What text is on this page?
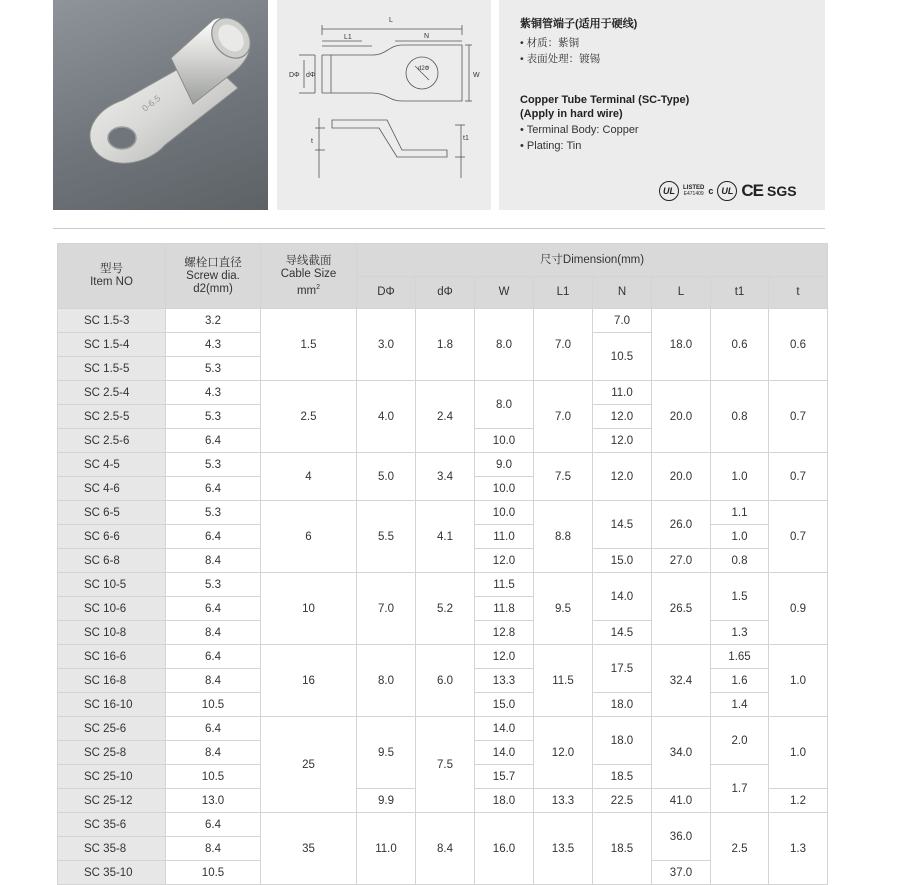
0-6.5
L
L1	N
DΦ dΦ
d2Φ
W
t1
t
紫铜管端子(适用于硬线)
• 材质：紫铜
• 表面处理：镀锡
Copper Tube Terminal (SC-Type)
(Apply in hard wire)
• Terminal Body: Copper
• Plating: Tin
UL	LISTED
E471409 c UL CE SGS
型号
Item NO	螺栓口直径
Screw dia.
d2(mm)	导线截面
Cable Size
$mm^2$	尺寸Dimension(mm)							
			DΦ	dΦ	W	L1	N	L	t1	t
SC 1.5-3	3.2	1.5	3.0	1.8	8.0	7.0	7.0	18.0	0.6	0.6
SC 1.5-4	4.3						10.5			
SC 1.5-5	5.3									
SC 2.5-4	4.3	2.5	4.0	2.4	8.0	7.0	11.0	20.0	0.8	0.7
SC 2.5-5	5.3						12.0			
SC 2.5-6	6.4				10.0		12.0			
SC 4-5	5.3	4	5.0	3.4	9.0	7.5	12.0	20.0	1.0	0.7
SC 4-6	6.4				10.0					
SC 6-5	5.3	6	5.5	4.1	10.0	8.8	14.5	26.0	1.1	0.7
SC 6-6	6.4				11.0				1.0	
SC 6-8	8.4				12.0		15.0	27.0	0.8	
SC 10-5	5.3	10	7.0	5.2	11.5	9.5	14.0	26.5	1.5	0.9
SC 10-6	6.4				11.8					
SC 10-8	8.4				12.8		14.5		1.3	
SC 16-6	6.4	16	8.0	6.0	12.0	11.5	17.5	32.4	1.65	1.0
SC 16-8	8.4				13.3				1.6	
SC 16-10	10.5				15.0		18.0		1.4	
SC 25-6	6.4	25	9.5	7.5	14.0	12.0	18.0	34.0	2.0	1.0
SC 25-8	8.4				14.0					
SC 25-10	10.5				15.7		18.5		1.7	
SC 25-12	13.0		9.9		18.0	13.3	22.5	41.0		1.2
SC 35-6	6.4	35	11.0	8.4	16.0	13.5	18.5	36.0	2.5	1.3
SC 35-8	8.4									
SC 35-10	10.5							37.0		
